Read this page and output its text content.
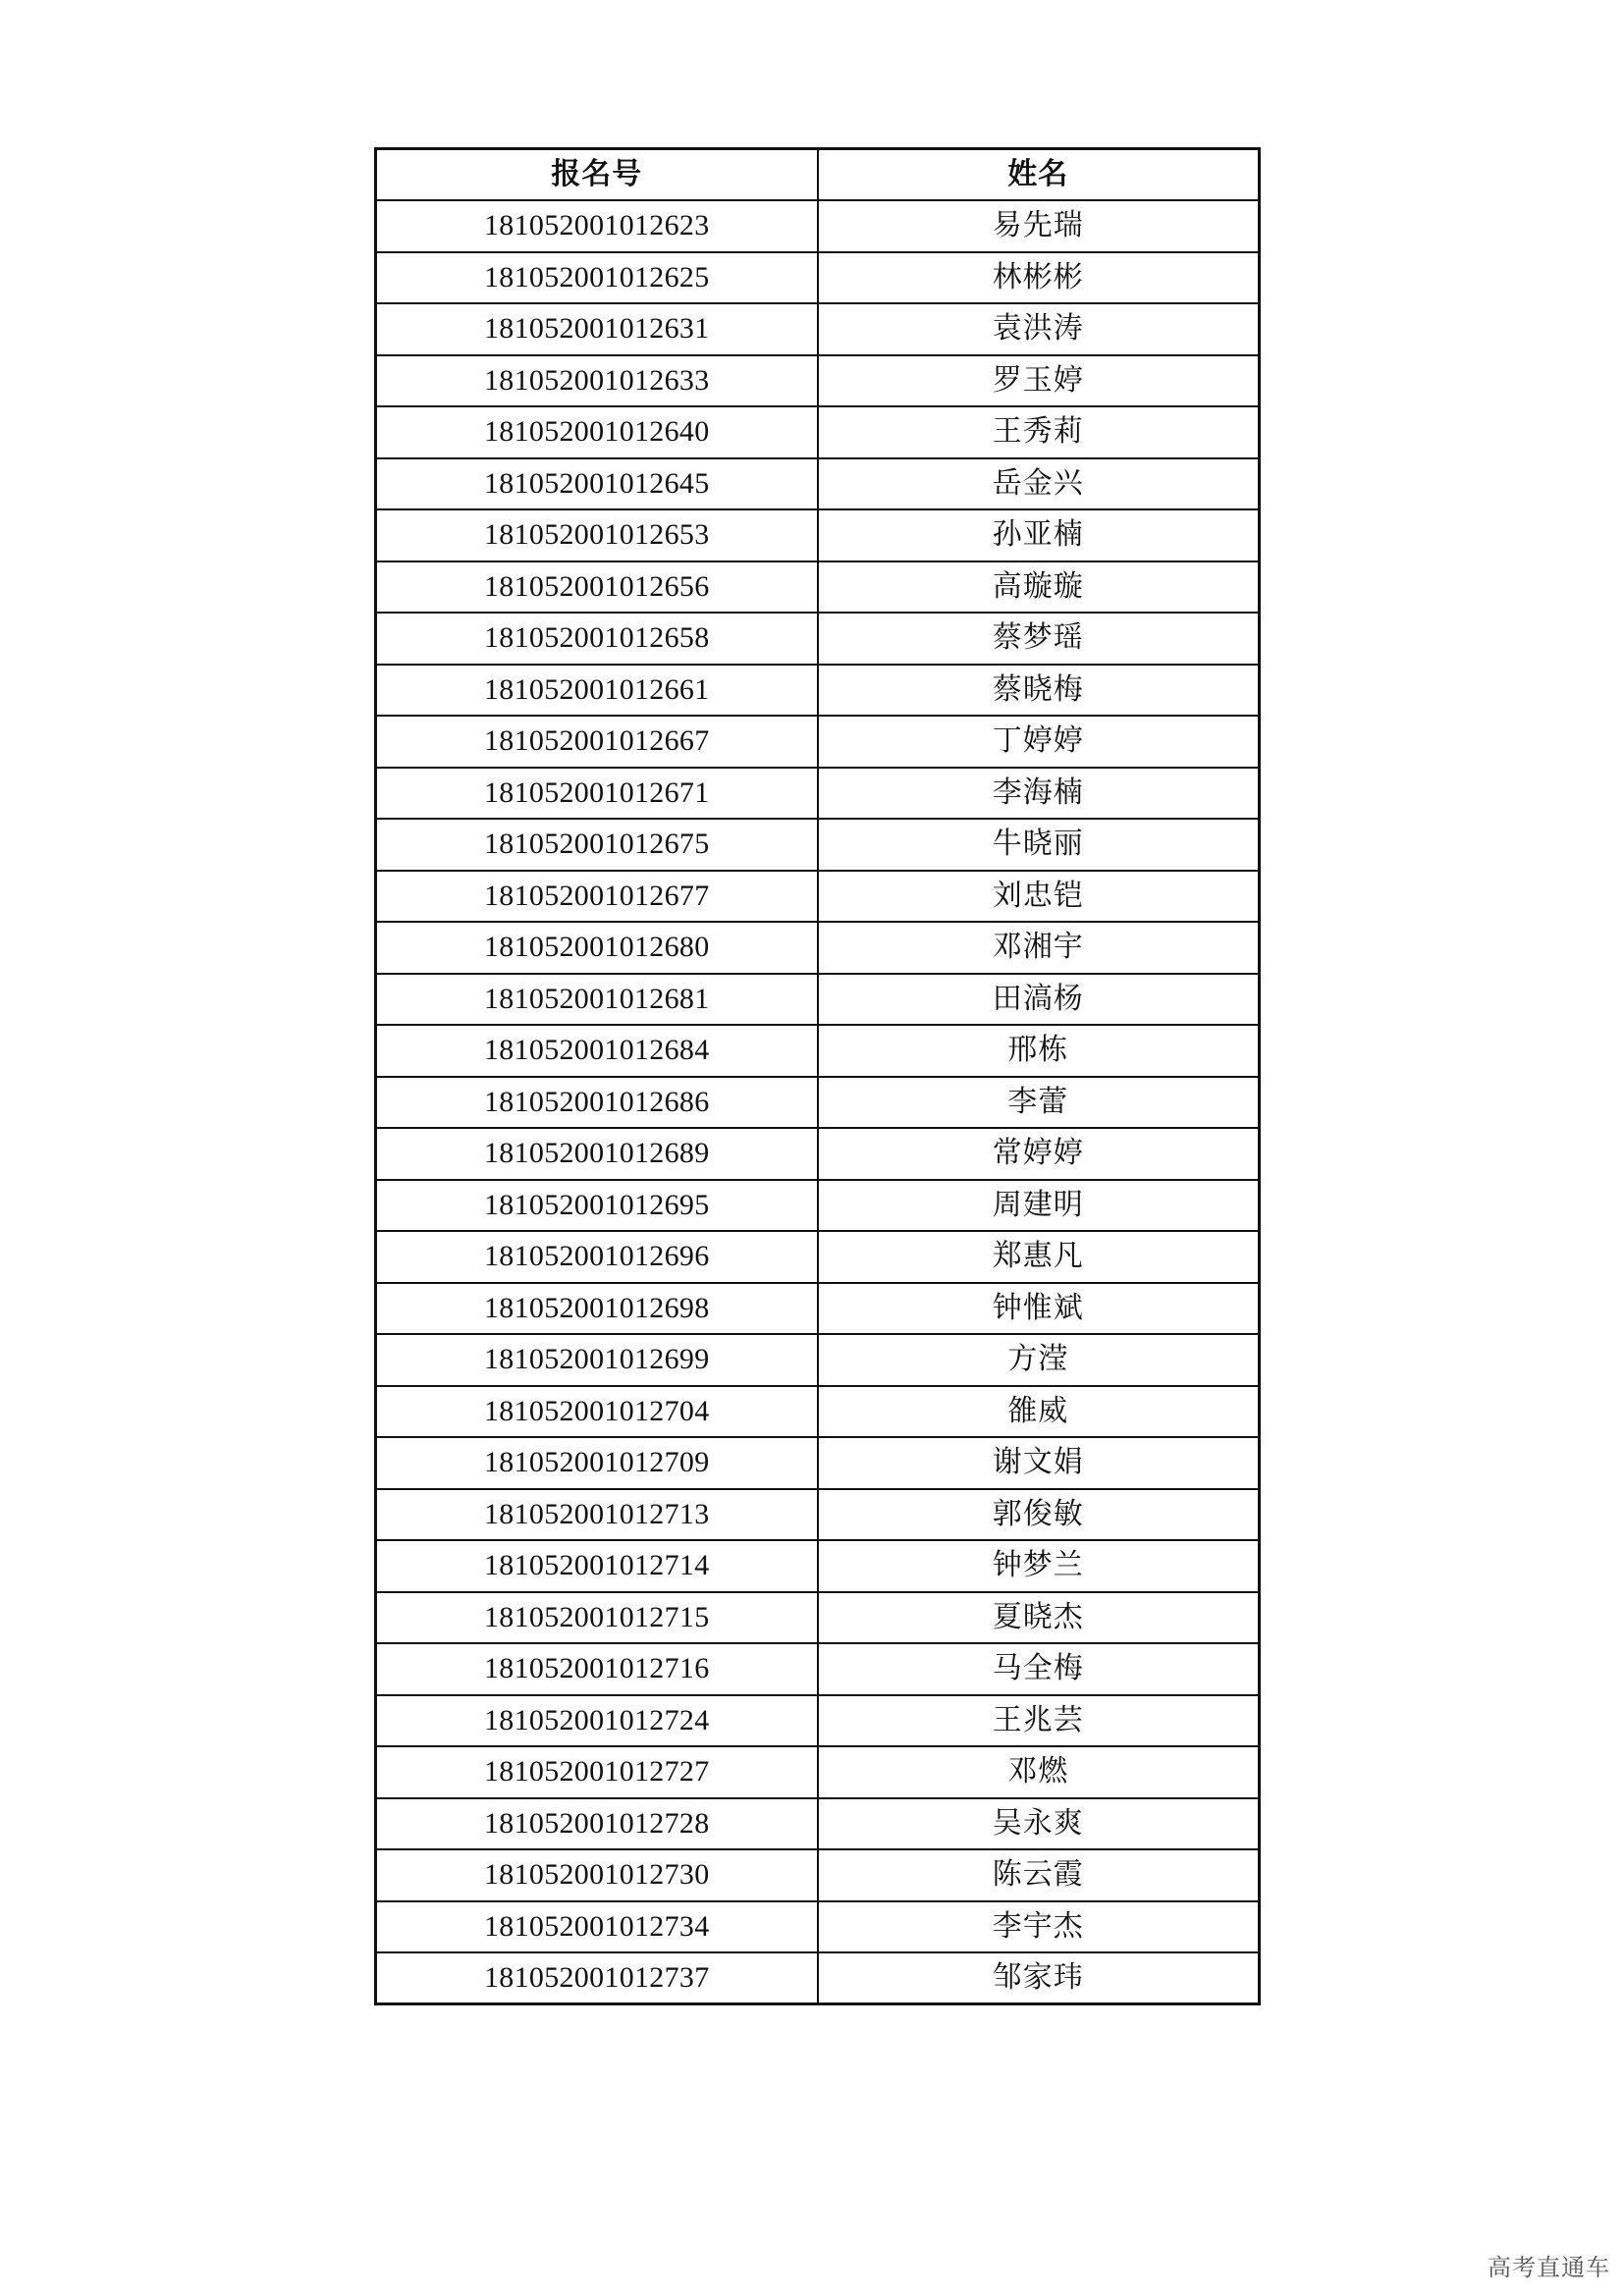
报名号	姓名
181052001012623	易先瑞
181052001012625	林彬彬
181052001012631	袁洪涛
181052001012633	罗玉婷
181052001012640	王秀莉
181052001012645	岳金兴
181052001012653	孙亚楠
181052001012656	高璇璇
181052001012658	蔡梦瑶
181052001012661	蔡晓梅
181052001012667	丁婷婷
181052001012671	李海楠
181052001012675	牛晓丽
181052001012677	刘忠铠
181052001012680	邓湘宇
181052001012681	田滈杨
181052001012684	邢栋
181052001012686	李蕾
181052001012689	常婷婷
181052001012695	周建明
181052001012696	郑惠凡
181052001012698	钟惟斌
181052001012699	方滢
181052001012704	雒威
181052001012709	谢文娟
181052001012713	郭俊敏
181052001012714	钟梦兰
181052001012715	夏晓杰
181052001012716	马全梅
181052001012724	王兆芸
181052001012727	邓燃
181052001012728	吴永爽
181052001012730	陈云霞
181052001012734	李宇杰
181052001012737	邹家玮
高考直通车
